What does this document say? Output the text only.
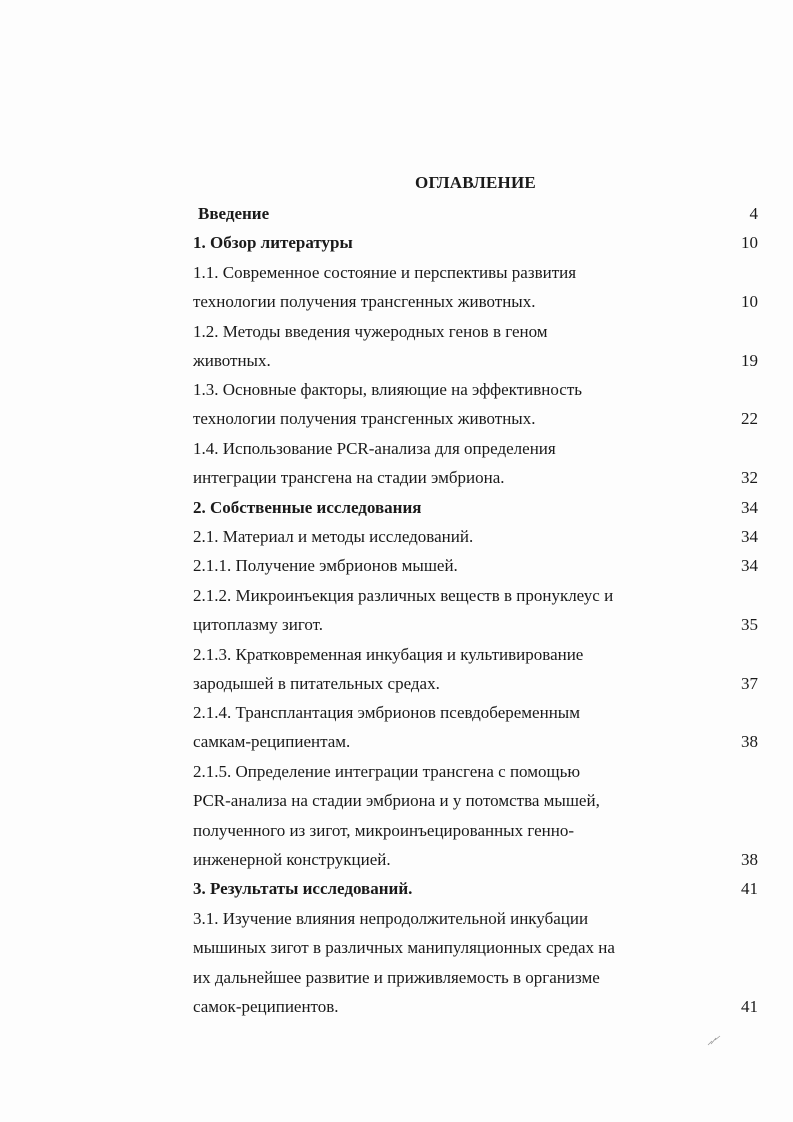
ОГЛАВЛЕНИЕ
Введение	4
1. Обзор литературы	10
1.1. Современное состояние и перспективы развития
технологии получения трансгенных животных.	10
1.2. Методы введения чужеродных генов в геном
животных.	19
1.3. Основные факторы, влияющие на эффективность
технологии получения трансгенных животных.	22
1.4. Использование PCR-анализа для определения
интеграции трансгена на стадии эмбриона.	32
2. Собственные исследования	34
2.1. Материал и методы исследований.	34
2.1.1. Получение эмбрионов мышей.	34
2.1.2. Микроинъекция различных веществ в пронуклеус и
цитоплазму зигот.	35
2.1.3. Кратковременная инкубация и культивирование
зародышей в питательных средах.	37
2.1.4. Трансплантация эмбрионов псевдобеременным
самкам-реципиентам.	38
2.1.5. Определение интеграции трансгена с помощью
PCR-анализа на стадии эмбриона и у потомства мышей,
полученного из зигот, микроинъецированных генно-
инженерной конструкцией.	38
3. Результаты исследований.	41
3.1. Изучение влияния непродолжительной инкубации
мышиных зигот в различных манипуляционных средах на
их дальнейшее развитие и приживляемость в организме
самок-реципиентов.	41
